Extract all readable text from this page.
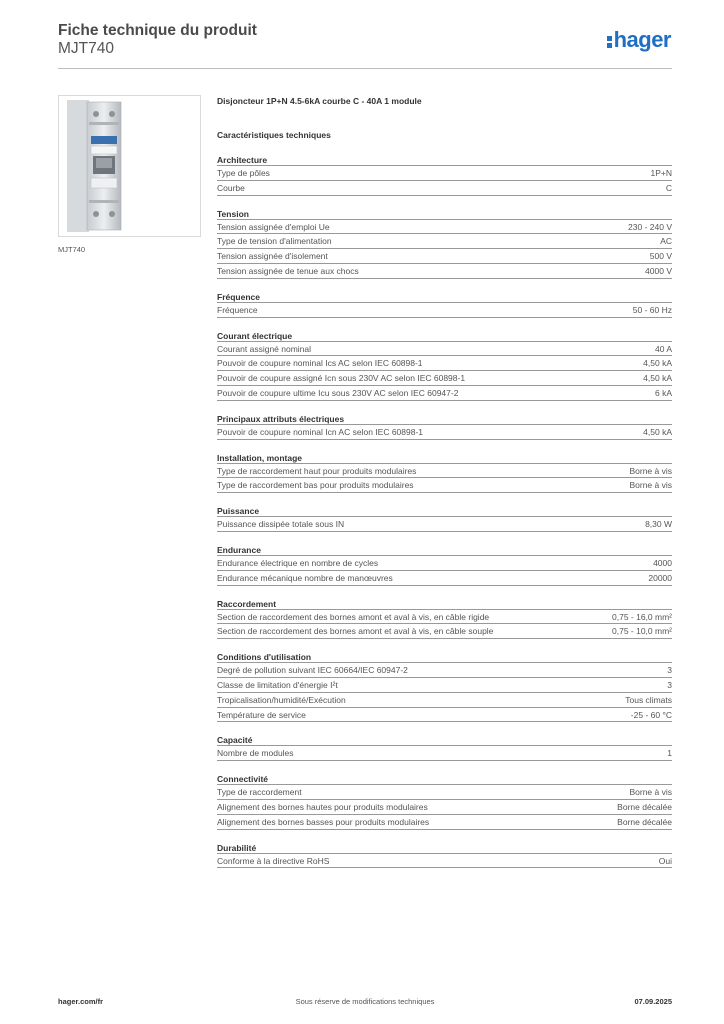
Fiche technique du produit
MJT740	hager
MJT740
Disjoncteur 1P+N 4.5-6kA courbe C - 40A 1 module
Caractéristiques techniques
Architecture
Type de pôles	1P+N
Courbe	C
Tension
Tension assignée d'emploi Ue	230 - 240 V
Type de tension d'alimentation	AC
Tension assignée d'isolement	500 V
Tension assignée de tenue aux chocs	4000 V
Fréquence
Fréquence	50 - 60 Hz
Courant électrique
Courant assigné nominal	40 A
Pouvoir de coupure nominal Ics AC selon IEC 60898-1	4,50 kA
Pouvoir de coupure assigné Icn sous 230V AC selon IEC 60898-1	4,50 kA
Pouvoir de coupure ultime Icu sous 230V AC selon IEC 60947-2	6 kA
Principaux attributs électriques
Pouvoir de coupure nominal Icn AC selon IEC 60898-1	4,50 kA
Installation, montage
Type de raccordement haut pour produits modulaires	Borne à vis
Type de raccordement bas pour produits modulaires	Borne à vis
Puissance
Puissance dissipée totale sous IN	8,30 W
Endurance
Endurance électrique en nombre de cycles	4000
Endurance mécanique nombre de manœuvres	20000
Raccordement
Section de raccordement des bornes amont et aval à vis, en câble rigide	0,75 - 16,0 mm²
Section de raccordement des bornes amont et aval à vis, en câble souple	0,75 - 10,0 mm²
Conditions d'utilisation
Degré de pollution suivant IEC 60664/IEC 60947-2	3
Classe de limitation d'énergie I²t	3
Tropicalisation/humidité/Exécution	Tous climats
Température de service	-25 - 60 °C
Capacité
Nombre de modules	1
Connectivité
Type de raccordement	Borne à vis
Alignement des bornes hautes pour produits modulaires	Borne décalée
Alignement des bornes basses pour produits modulaires	Borne décalée
Durabilité
Conforme à la directive RoHS	Oui
hager.com/fr	Sous réserve de modifications techniques	07.09.2025
